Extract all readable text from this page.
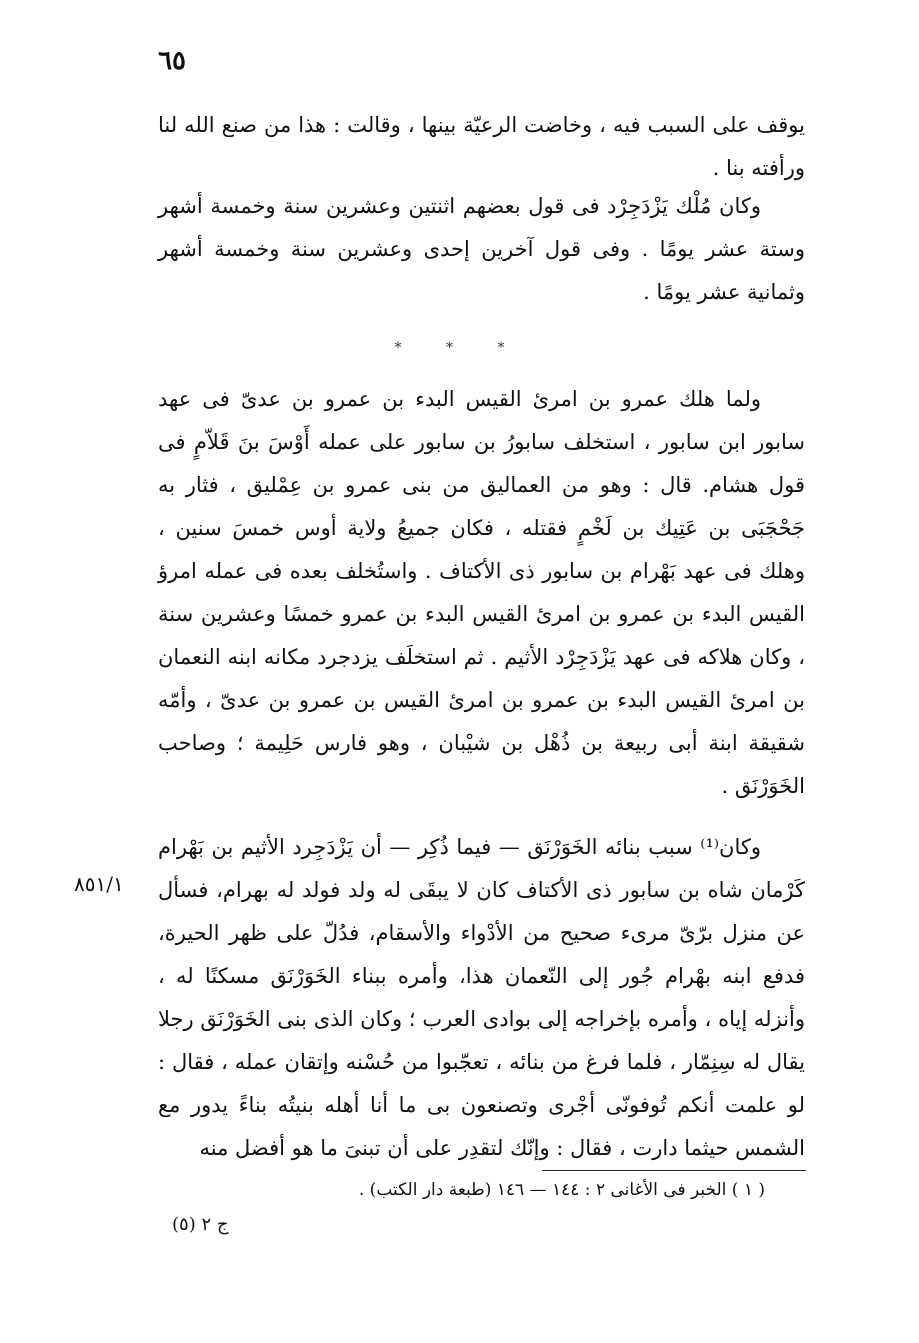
٦٥

يوقف على السبب فيه ، وخاضت الرعيّة بينها ، وقالت : هذا من صنع الله لنا ورأفته بنا .

وكان مُلْك يَزْدَجِرْد فى قول بعضهم اثنتين وعشرين سنة وخمسة أشهر وستة عشر يومًا . وفى قول آخرين إحدى وعشرين سنة وخمسة أشهر وثمانية عشر يومًا .

* * *

ولما هلك عمرو بن امرئ القيس البدء بن عمرو بن عدىّ فى عهد سابور ابن سابور ، استخلف سابورُ بن سابور على عمله أَوْسَ بنَ قَلاّمٍ فى قول هشام. قال : وهو من العماليق من بنى عمرو بن عِمْليق ، فثار به جَحْجَبَى بن عَتِيك بن لَخْمٍ فقتله ، فكان جميعُ ولاية أوس خمسَ سنين ، وهلك فى عهد بَهْرام بن سابور ذى الأكتاف . واستُخلف بعده فى عمله امرؤ القيس البدء بن عمرو بن امرئ القيس البدء بن عمرو خمسًا وعشرين سنة ، وكان هلاكه فى عهد يَزْدَجِرْد الأثيم . ثم استخلَف يزدجرد مكانه ابنه النعمان بن امرئ القيس البدء بن عمرو بن امرئ القيس بن عمرو بن عدىّ ، وأمّه شقيقة ابنة أبى ربيعة بن ذُهْل بن شيْبان ، وهو فارس حَلِيمة ؛ وصاحب الخَوَرْنَق .

وكان⁽¹⁾ سبب بنائه الخَوَرْنَق — فيما ذُكِر — أن يَزْدَجِرد الأثيم بن بَهْرام كَرْمان شاه بن سابور ذى الأكتاف كان لا يبقَى له ولد فولد له بهرام، فسأل عن منزل برّىّ مرىء صحيح من الأدْواء والأسقام، فدُلّ على ظهر الحيرة، فدفع ابنه بهْرام جُور إلى النّعمان هذا، وأمره ببناء الخَوَرْنَق مسكنًا له ، وأنزله إياه ، وأمره بإخراجه إلى بوادى العرب ؛ وكان الذى بنى الخَوَرْنَق رجلا يقال له سِنِمّار ، فلما فرغ من بنائه ، تعجّبوا من حُسْنه وإتقان عمله ، فقال : لو علمت أنكم تُوفونّى أجْرى وتصنعون بى ما أنا أهله بنيتُه بناءً يدور مع الشمس حيثما دارت ، فقال : وإنّك لتقدِر على أن تبنىَ ما هو أفضل منه

٨٥١/١
( ١ ) الخبر فى الأغانى ٢ : ١٤٤ — ١٤٦ (طبعة دار الكتب) .
ج ٢ (٥)
